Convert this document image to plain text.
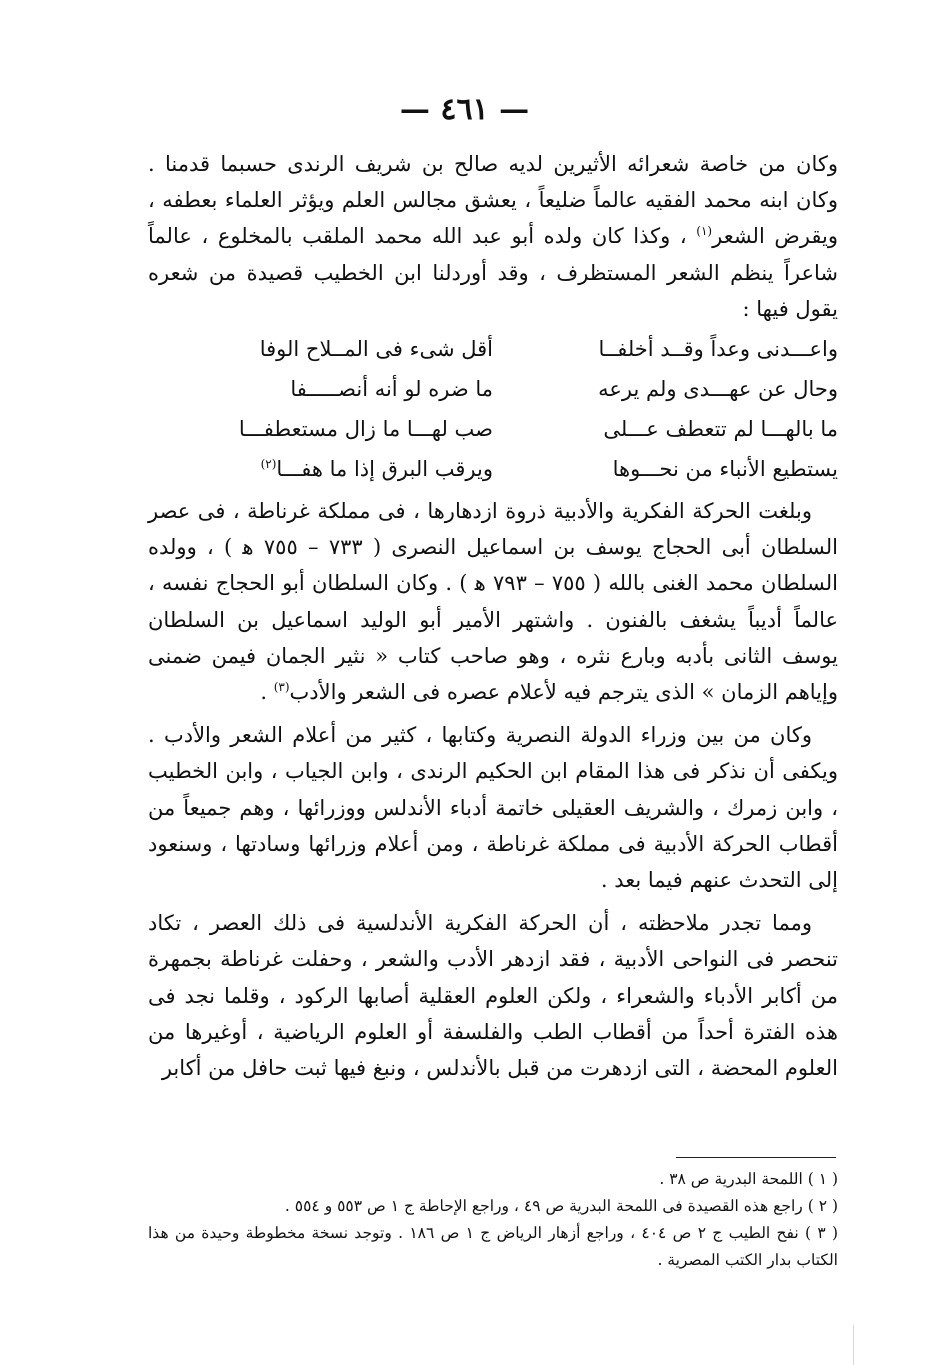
— ٤٦١ —

وكان من خاصة شعرائه الأثيرين لديه صالح بن شريف الرندى حسبما قدمنا . وكان ابنه محمد الفقيه عالماً ضليعاً ، يعشق مجالس العلم ويؤثر العلماء بعطفه ، ويقرض الشعر$^{(١)}$ ، وكذا كان ولده أبو عبد الله محمد الملقب بالمخلوع ، عالماً شاعراً ينظم الشعر المستظرف ، وقد أوردلنا ابن الخطيب قصيدة من شعره يقول فيها :

واعـــدنى وعداً وقــد أخلفــا
أقل شىء فى المــلاح الوفا
وحال عن عهـــدى ولم يرعه
ما ضره لو أنه أنصـــــفا
ما بالهـــا لم تتعطف عـــلى
صب لهـــا ما زال مستعطفـــا
يستطيع الأنباء من نحـــوها
ويرقب البرق إذا ما هفـــا$^{(٢)}$

وبلغت الحركة الفكرية والأدبية ذروة ازدهارها ، فى مملكة غرناطة ، فى عصر السلطان أبى الحجاج يوسف بن اسماعيل النصرى ( ٧٣٣ – ٧٥٥ ﻫ ) ، وولده السلطان محمد الغنى بالله ( ٧٥٥ – ٧٩٣ ﻫ ) . وكان السلطان أبو الحجاج نفسه ، عالماً أديباً يشغف بالفنون . واشتهر الأمير أبو الوليد اسماعيل بن السلطان يوسف الثانى بأدبه وبارع نثره ، وهو صاحب كتاب « نثير الجمان فيمن ضمنى وإياهم الزمان » الذى يترجم فيه لأعلام عصره فى الشعر والأدب$^{(٣)}$ .

وكان من بين وزراء الدولة النصرية وكتابها ، كثير من أعلام الشعر والأدب . ويكفى أن نذكر فى هذا المقام ابن الحكيم الرندى ، وابن الجياب ، وابن الخطيب ، وابن زمرك ، والشريف العقيلى خاتمة أدباء الأندلس ووزرائها ، وهم جميعاً من أقطاب الحركة الأدبية فى مملكة غرناطة ، ومن أعلام وزرائها وسادتها ، وسنعود إلى التحدث عنهم فيما بعد .

ومما تجدر ملاحظته ، أن الحركة الفكرية الأندلسية فى ذلك العصر ، تكاد تنحصر فى النواحى الأدبية ، فقد ازدهر الأدب والشعر ، وحفلت غرناطة بجمهرة من أكابر الأدباء والشعراء ، ولكن العلوم العقلية أصابها الركود ، وقلما نجد فى هذه الفترة أحداً من أقطاب الطب والفلسفة أو العلوم الرياضية ، أوغيرها من العلوم المحضة ، التى ازدهرت من قبل بالأندلس ، ونبغ فيها ثبت حافل من أكابر

( ١ ) اللمحة البدرية ص ٣٨ .

( ٢ ) راجع هذه القصيدة فى اللمحة البدرية ص ٤٩ ، وراجع الإحاطة ج ١ ص ٥٥٣ و ٥٥٤ .

( ٣ ) نفح الطيب ج ٢ ص ٤٠٤ ، وراجع أزهار الرياض ج ١ ص ١٨٦ . وتوجد نسخة مخطوطة وحيدة من هذا الكتاب بدار الكتب المصرية .
